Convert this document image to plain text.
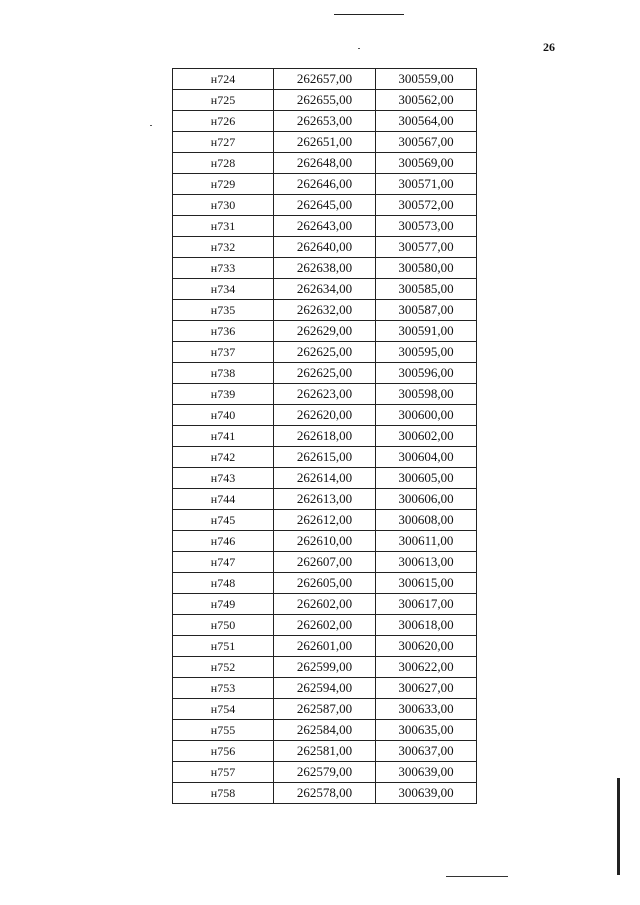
26
н724	262657,00	300559,00
н725	262655,00	300562,00
н726	262653,00	300564,00
н727	262651,00	300567,00
н728	262648,00	300569,00
н729	262646,00	300571,00
н730	262645,00	300572,00
н731	262643,00	300573,00
н732	262640,00	300577,00
н733	262638,00	300580,00
н734	262634,00	300585,00
н735	262632,00	300587,00
н736	262629,00	300591,00
н737	262625,00	300595,00
н738	262625,00	300596,00
н739	262623,00	300598,00
н740	262620,00	300600,00
н741	262618,00	300602,00
н742	262615,00	300604,00
н743	262614,00	300605,00
н744	262613,00	300606,00
н745	262612,00	300608,00
н746	262610,00	300611,00
н747	262607,00	300613,00
н748	262605,00	300615,00
н749	262602,00	300617,00
н750	262602,00	300618,00
н751	262601,00	300620,00
н752	262599,00	300622,00
н753	262594,00	300627,00
н754	262587,00	300633,00
н755	262584,00	300635,00
н756	262581,00	300637,00
н757	262579,00	300639,00
н758	262578,00	300639,00
